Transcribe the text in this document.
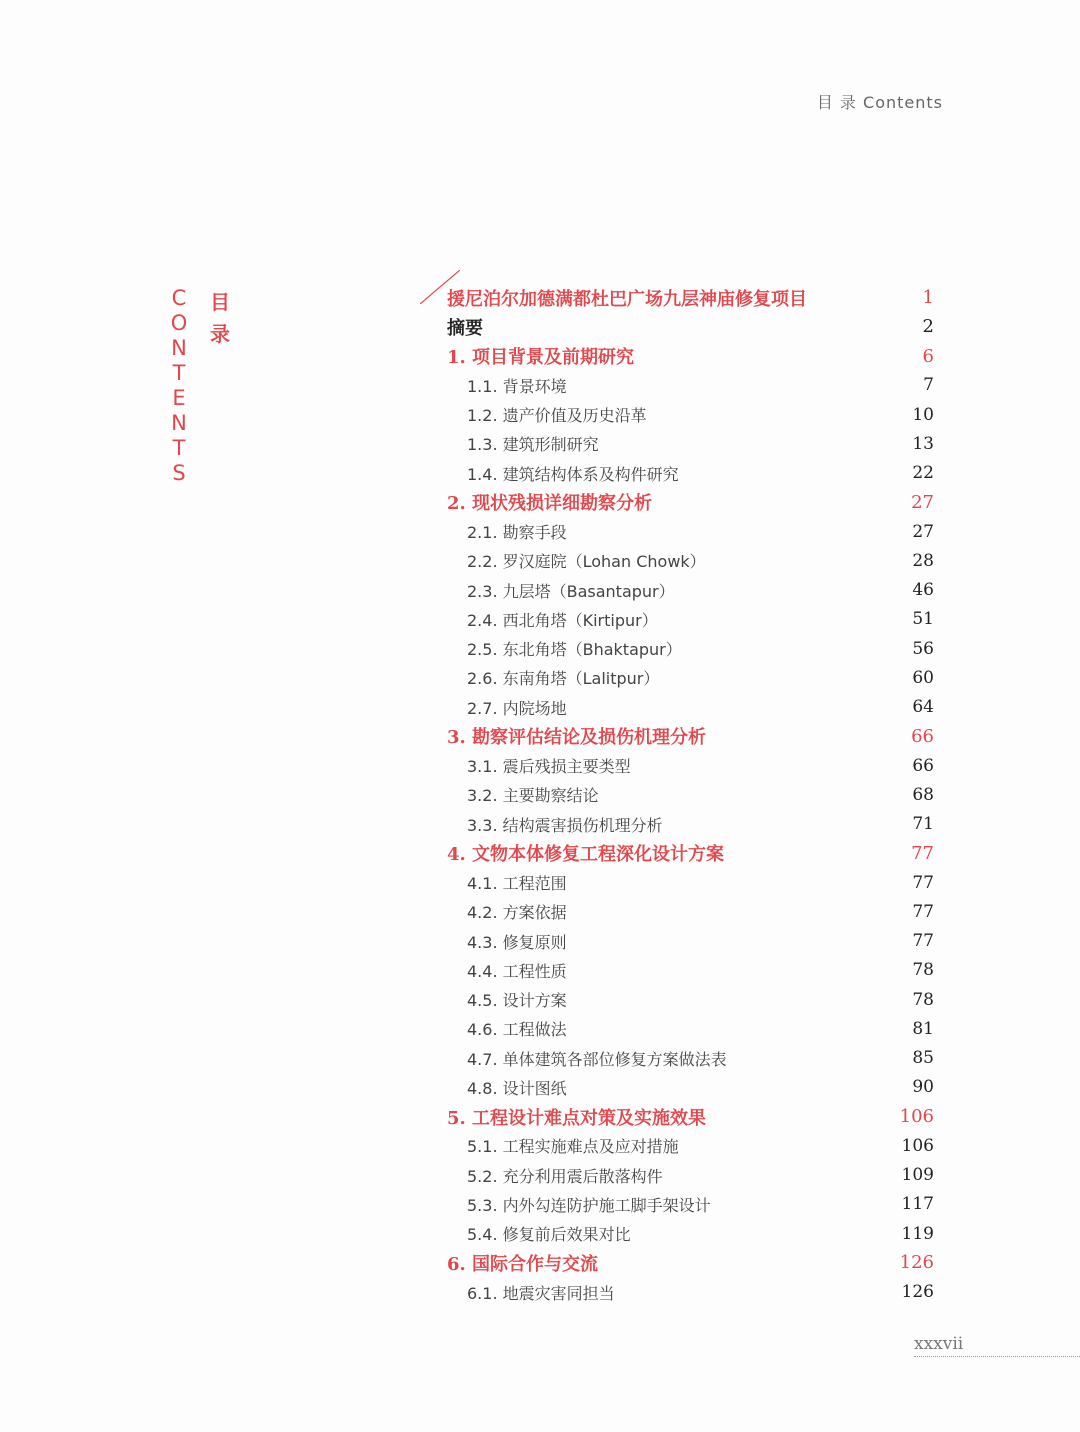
目 录 Contents
C
O
N
T
E
N
T
S
目
录
援尼泊尔加德满都杜巴广场九层神庙修复项目	1
摘要	2
1. 项目背景及前期研究	6
1.1. 背景环境	7
1.2. 遗产价值及历史沿革	10
1.3. 建筑形制研究	13
1.4. 建筑结构体系及构件研究	22
2. 现状残损详细勘察分析	27
2.1. 勘察手段	27
2.2. 罗汉庭院（Lohan Chowk）	28
2.3. 九层塔（Basantapur）	46
2.4. 西北角塔（Kirtipur）	51
2.5. 东北角塔（Bhaktapur）	56
2.6. 东南角塔（Lalitpur）	60
2.7. 内院场地	64
3. 勘察评估结论及损伤机理分析	66
3.1. 震后残损主要类型	66
3.2. 主要勘察结论	68
3.3. 结构震害损伤机理分析	71
4. 文物本体修复工程深化设计方案	77
4.1. 工程范围	77
4.2. 方案依据	77
4.3. 修复原则	77
4.4. 工程性质	78
4.5. 设计方案	78
4.6. 工程做法	81
4.7. 单体建筑各部位修复方案做法表	85
4.8. 设计图纸	90
5. 工程设计难点对策及实施效果	106
5.1. 工程实施难点及应对措施	106
5.2. 充分利用震后散落构件	109
5.3. 内外勾连防护施工脚手架设计	117
5.4. 修复前后效果对比	119
6. 国际合作与交流	126
6.1. 地震灾害同担当	126
xxxvii
